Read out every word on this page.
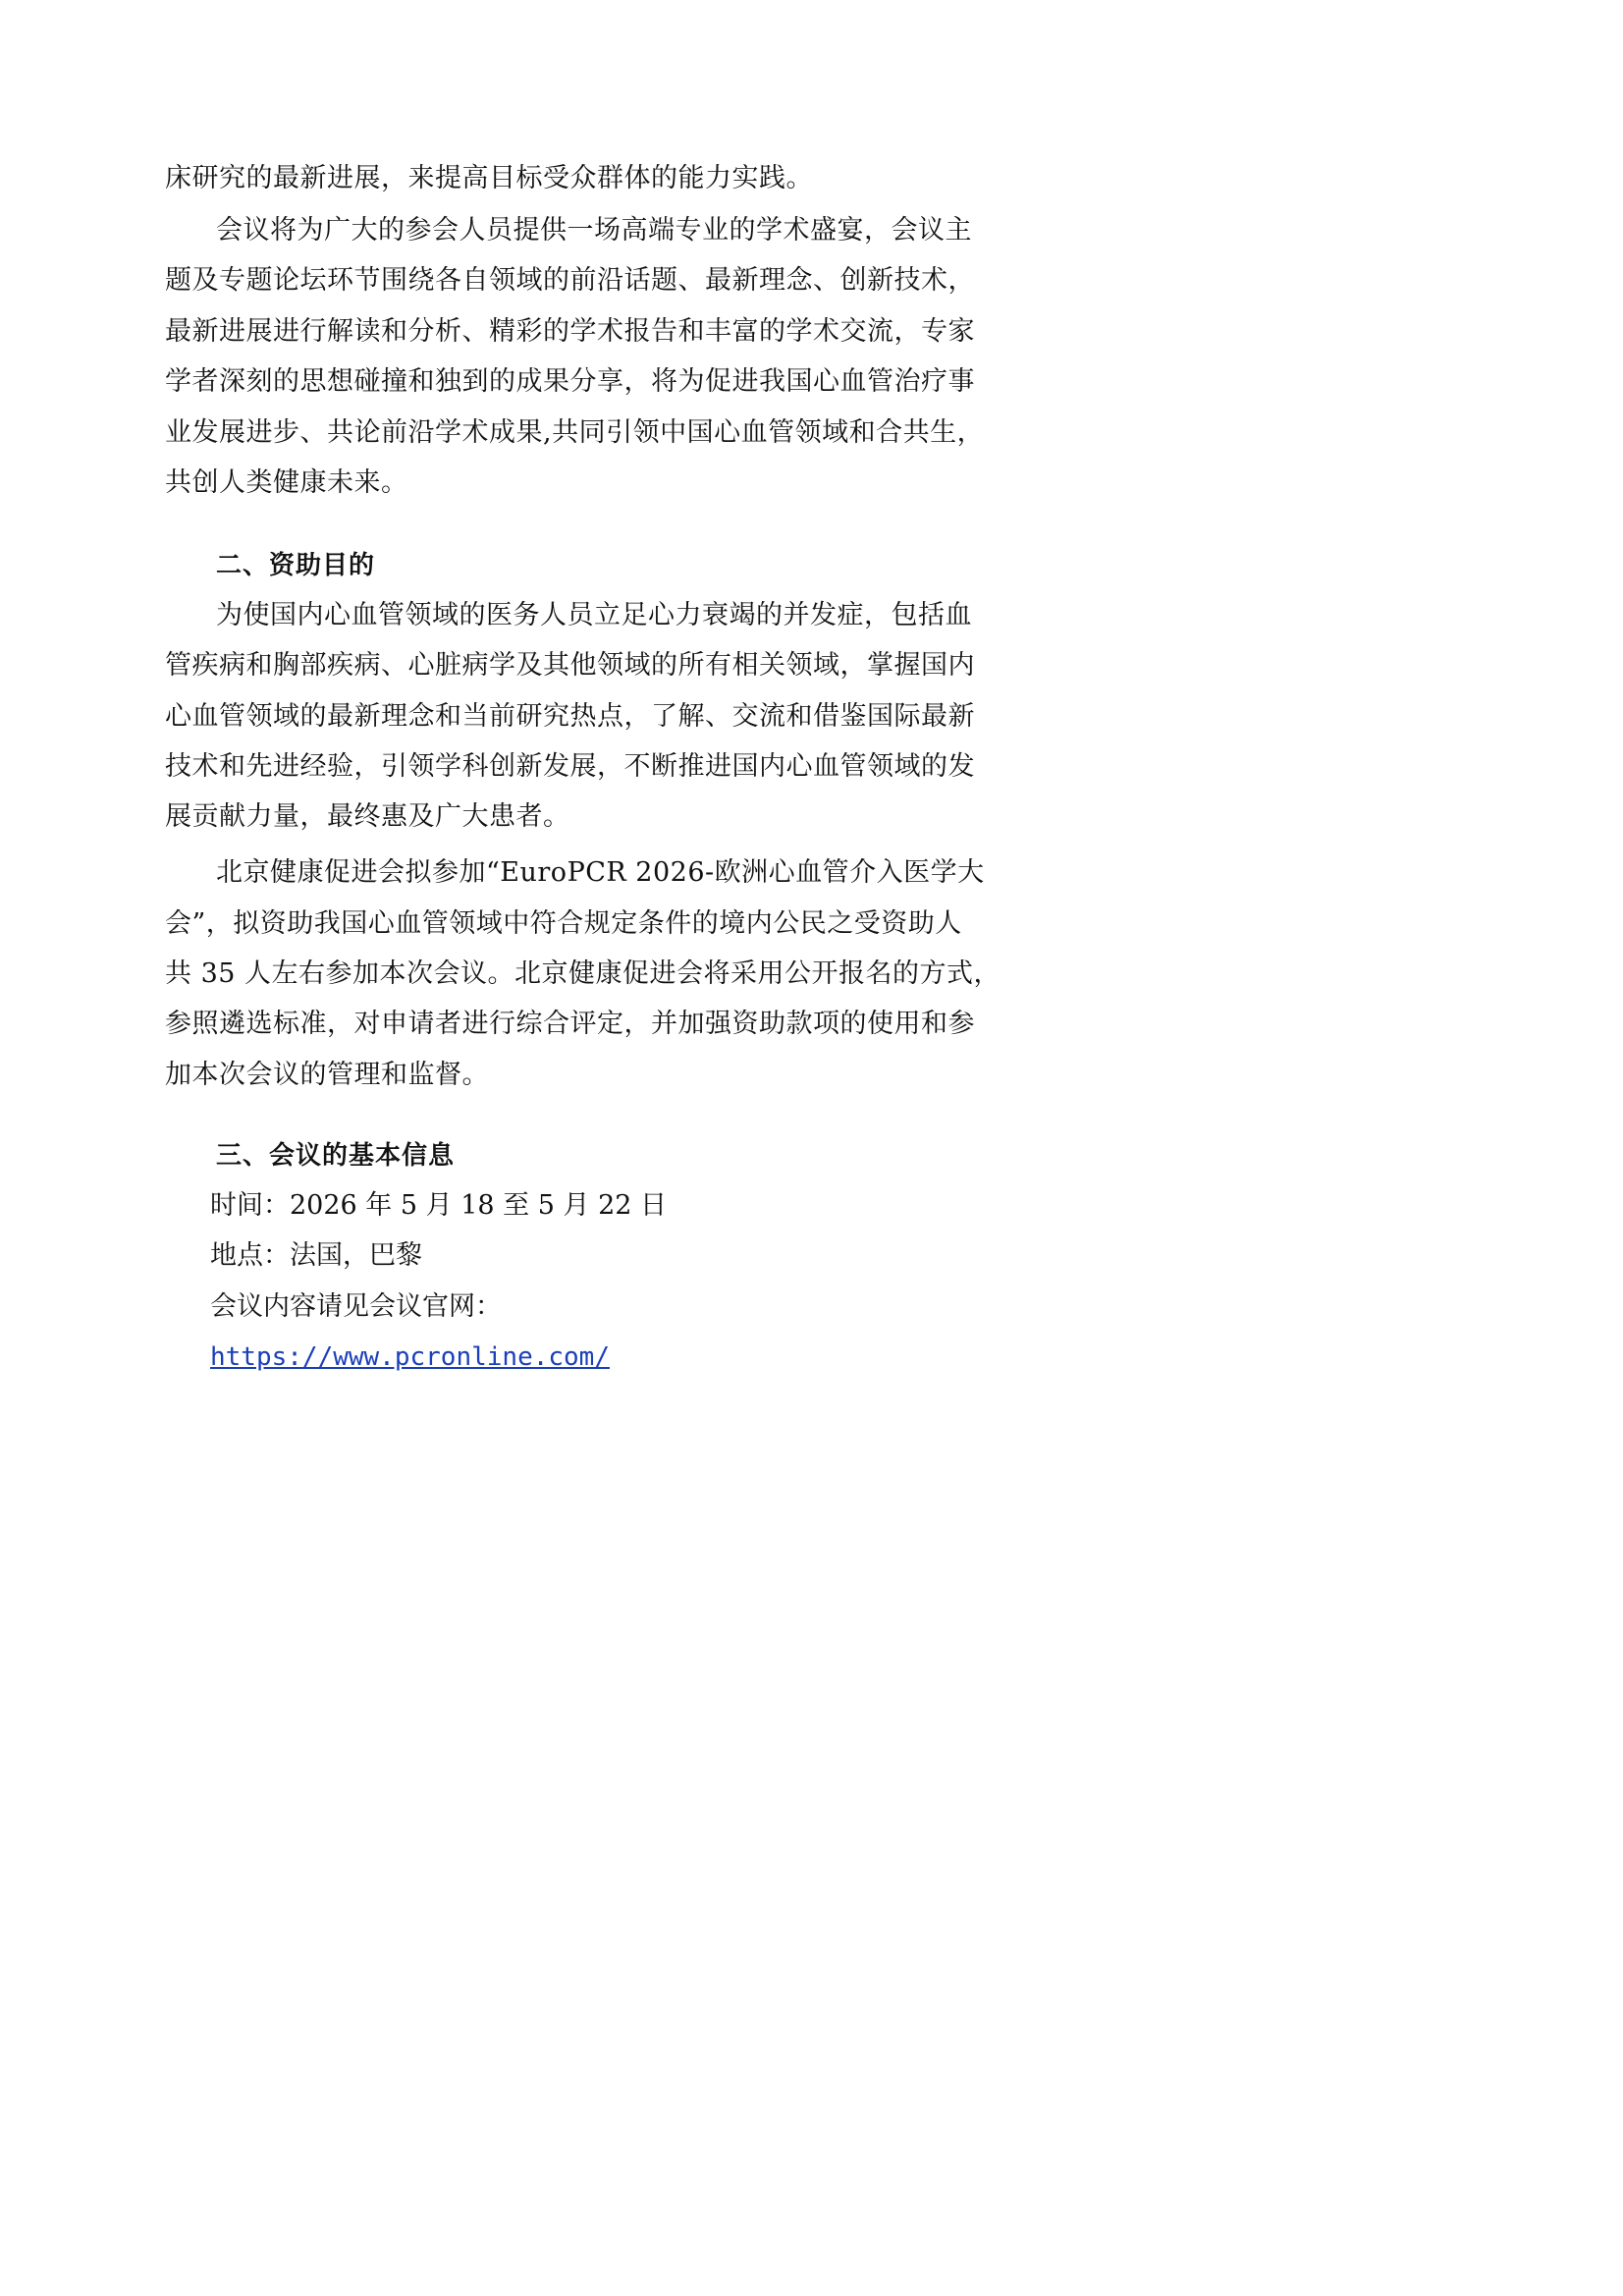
床研究的最新进展，来提高目标受众群体的能力实践。
会议将为广大的参会人员提供一场高端专业的学术盛宴，会议主
题及专题论坛环节围绕各自领域的前沿话题、最新理念、创新技术，
最新进展进行解读和分析、精彩的学术报告和丰富的学术交流，专家
学者深刻的思想碰撞和独到的成果分享，将为促进我国心血管治疗事
业发展进步、共论前沿学术成果,共同引领中国心血管领域和合共生，
共创人类健康未来。
二、资助目的
为使国内心血管领域的医务人员立足心力衰竭的并发症，包括血
管疾病和胸部疾病、心脏病学及其他领域的所有相关领域，掌握国内
心血管领域的最新理念和当前研究热点，了解、交流和借鉴国际最新
技术和先进经验，引领学科创新发展，不断推进国内心血管领域的发
展贡献力量，最终惠及广大患者。
北京健康促进会拟参加“EuroPCR 2026-欧洲心血管介入医学大
会”，拟资助我国心血管领域中符合规定条件的境内公民之受资助人
共 35 人左右参加本次会议。北京健康促进会将采用公开报名的方式，
参照遴选标准，对申请者进行综合评定，并加强资助款项的使用和参
加本次会议的管理和监督。
三、会议的基本信息
时间：2026 年 5 月 18 至 5 月 22 日
地点：法国，巴黎
会议内容请见会议官网：
https://www.pcronline.com/
